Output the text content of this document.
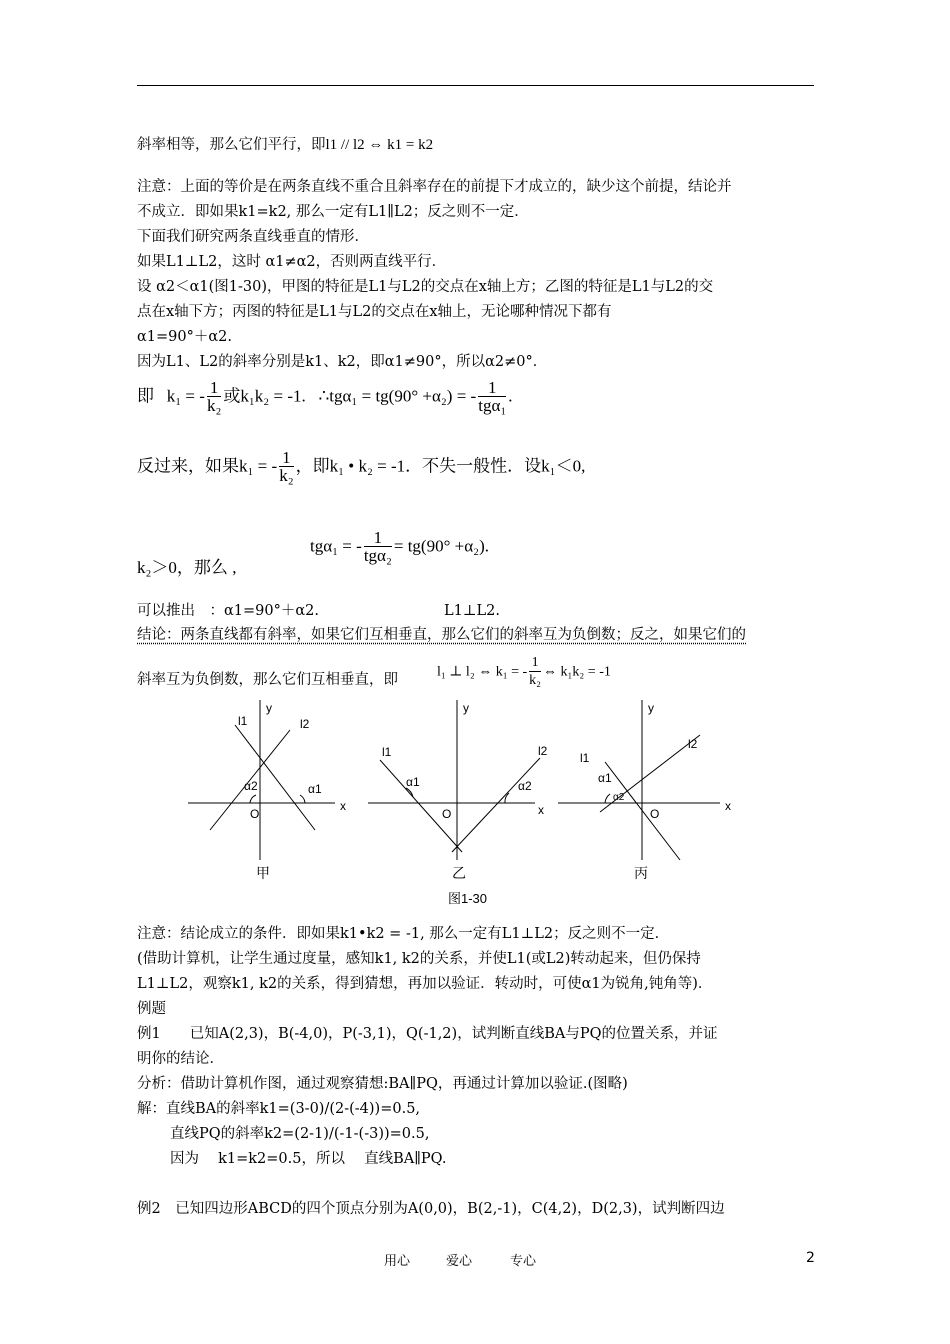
斜率相等，那么它们平行，即l1 // l2 ⇔ k1 = k2
注意：上面的等价是在两条直线不重合且斜率存在的前提下才成立的，缺少这个前提，结论并
不成立．即如果k1=k2, 那么一定有L1∥L2；反之则不一定．
下面我们研究两条直线垂直的情形．
如果L1⊥L2，这时 α1≠α2，否则两直线平行．
设 α2＜α1(图1-30)，甲图的特征是L1与L2的交点在x轴上方；乙图的特征是L1与L2的交
点在x轴下方；丙图的特征是L1与L2的交点在x轴上，无论哪种情况下都有
α1=90°＋α2.
因为L1、L2的斜率分别是k1、k2，即α1≠90°，所以α2≠0°．
即 k₁ = - $\frac{1}{\text{k₂}}$ 或k₁k₂ = -1. ∴tgα₁ = tg(90° +α₂) = - $\frac{1}{\text{tgα₁}}$ .
反过来，如果k₁ = - $\frac{1}{\text{k₂}}$ ，即k₁ • k₂ = -1．不失一般性．设k₁＜0,
k₂＞0，那么 ,
tgα₁ = - $\frac{1}{\text{tgα₂}} = tg(90^\circ +\alpha_2)$.
可以推出　：α1=90°＋α2.	L1⊥L2.
结论：两条直线都有斜率，如果它们互相垂直，那么它们的斜率互为负倒数；反之，如果它们的
斜率互为负倒数，那么它们互相垂直，即	l₁ ⊥ l₂ ⇔ k₁ = - $\frac{1}{\text{k₂}}$ ⇔ k₁k₂ = -1
y
x
O
l1	l2
α2	α1
甲
y
x
O
l1	l2
α1	α2
乙
y
x
O
l1
l2
α1
α2
丙
图1-30
注意：结论成立的条件．即如果k1•k2 = -1, 那么一定有L1⊥L2；反之则不一定．
(借助计算机，让学生通过度量，感知k1, k2的关系，并使L1(或L2)转动起来，但仍保持
L1⊥L2，观察k1, k2的关系，得到猜想，再加以验证．转动时，可使α1为锐角,钝角等)．
例题
例1　　已知A(2,3)，B(-4,0)，P(-3,1)，Q(-1,2)，试判断直线BA与PQ的位置关系，并证
明你的结论．
分析：借助计算机作图，通过观察猜想:BA∥PQ，再通过计算加以验证.(图略)
解：直线BA的斜率k1=(3-0)/(2-(-4))=0.5,
直线PQ的斜率k2=(2-1)/(-1-(-3))=0.5,
因为　 k1=k2=0.5，所以　 直线BA∥PQ.
例2　已知四边形ABCD的四个顶点分别为A(0,0)，B(2,-1)，C(4,2)，D(2,3)，试判断四边
用心	爱心	专心	2
